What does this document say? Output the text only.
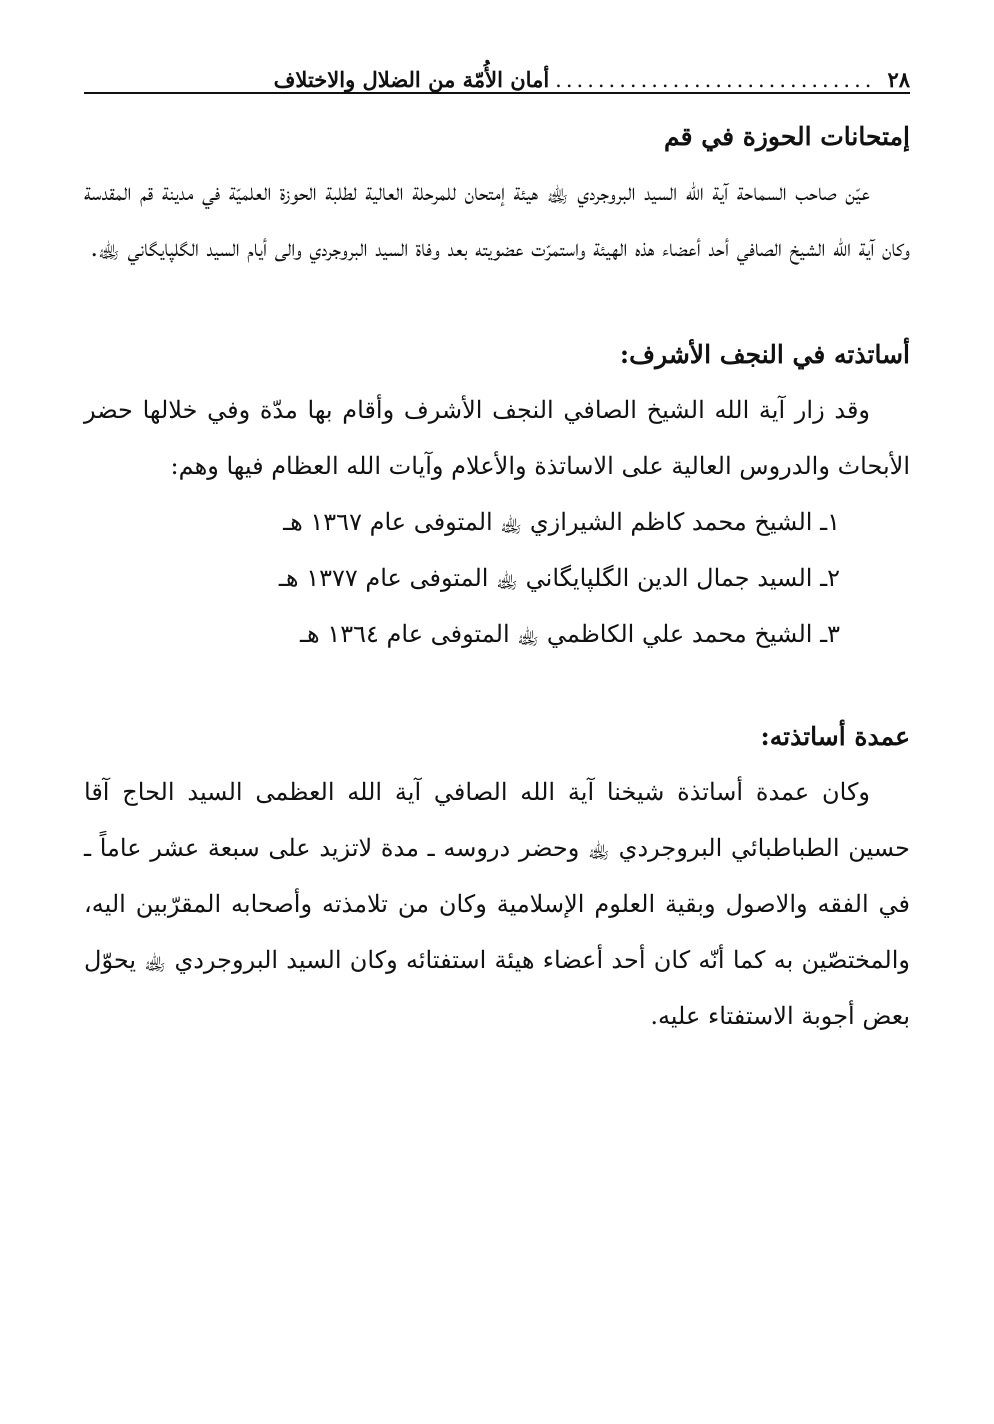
٢٨
..............................
أمان الأُمّة من الضلال والاختلاف
إمتحانات الحوزة في قم

عيّن صاحب السماحة آية الله السيد البروجردي ﵀ هيئة إمتحان للمرحلة العالية لطلبة الحوزة العلميّة في مدينة قم المقدسة وكان آية الله الشيخ الصافي أحد أعضاء هذه الهيئة واستمرّت عضويته بعد وفاة السيد البروجردي والى أيام السيد الگلپايگاني ﵀.

أساتذته في النجف الأشرف:

وقد زار آية الله الشيخ الصافي النجف الأشرف وأقام بها مدّة وفي خلالها حضر الأبحاث والدروس العالية على الاساتذة والأعلام وآيات الله العظام فيها وهم:

١ـ الشيخ محمد كاظم الشيرازي ﵀ المتوفى عام ١٣٦٧ هـ
٢ـ السيد جمال الدين الگلپايگاني ﵀ المتوفى عام ١٣٧٧ هـ
٣ـ الشيخ محمد علي الكاظمي ﵀ المتوفى عام ١٣٦٤ هـ
عمدة أساتذته:

وكان عمدة أساتذة شيخنا آية الله الصافي آية الله العظمى السيد الحاج آقا حسين الطباطبائي البروجردي ﵀ وحضر دروسه ـ مدة لاتزيد على سبعة عشر عاماً ـ في الفقه والاصول وبقية العلوم الإسلامية وكان من تلامذته وأصحابه المقرّبين اليه، والمختصّين به كما أنّه كان أحد أعضاء هيئة استفتائه وكان السيد البروجردي ﵀ يحوّل بعض أجوبة الاستفتاء عليه.
